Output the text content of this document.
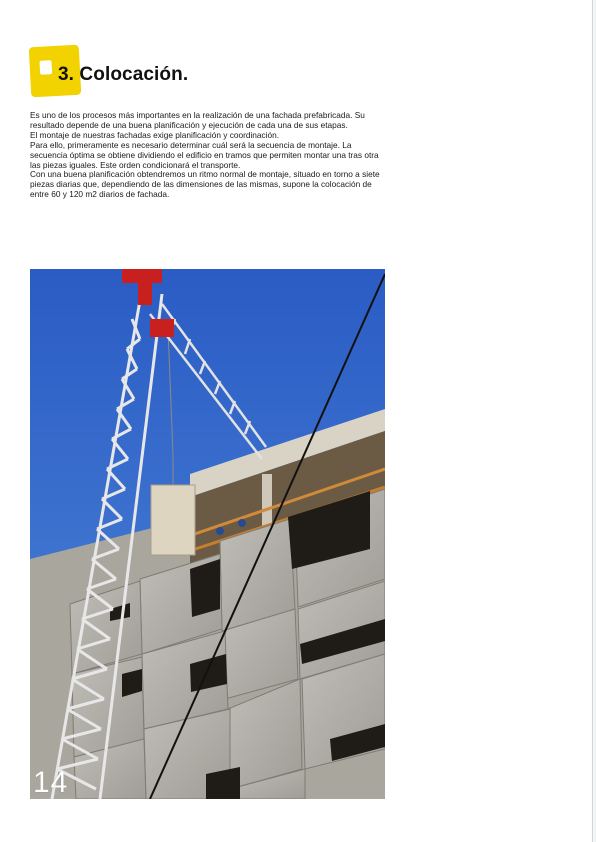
3. Colocación.

Es uno de los procesos más importantes en la realización de una fachada prefabricada. Su resultado depende de una buena planificación y ejecución de cada una de sus etapas.

El montaje de nuestras fachadas exige planificación y coordinación.

Para ello, primeramente es necesario determinar cuál será la secuencia de montaje. La secuencia óptima se obtiene dividiendo el edificio en tramos que permiten montar una tras otra las piezas iguales. Este orden condicionará el transporte.

Con una buena planificación obtendremos un ritmo normal de montaje, situado en torno a siete piezas diarias que, dependiendo de las dimensiones de las mismas, supone la colocación de entre 60 y 120 m2 diarios de fachada.

14
